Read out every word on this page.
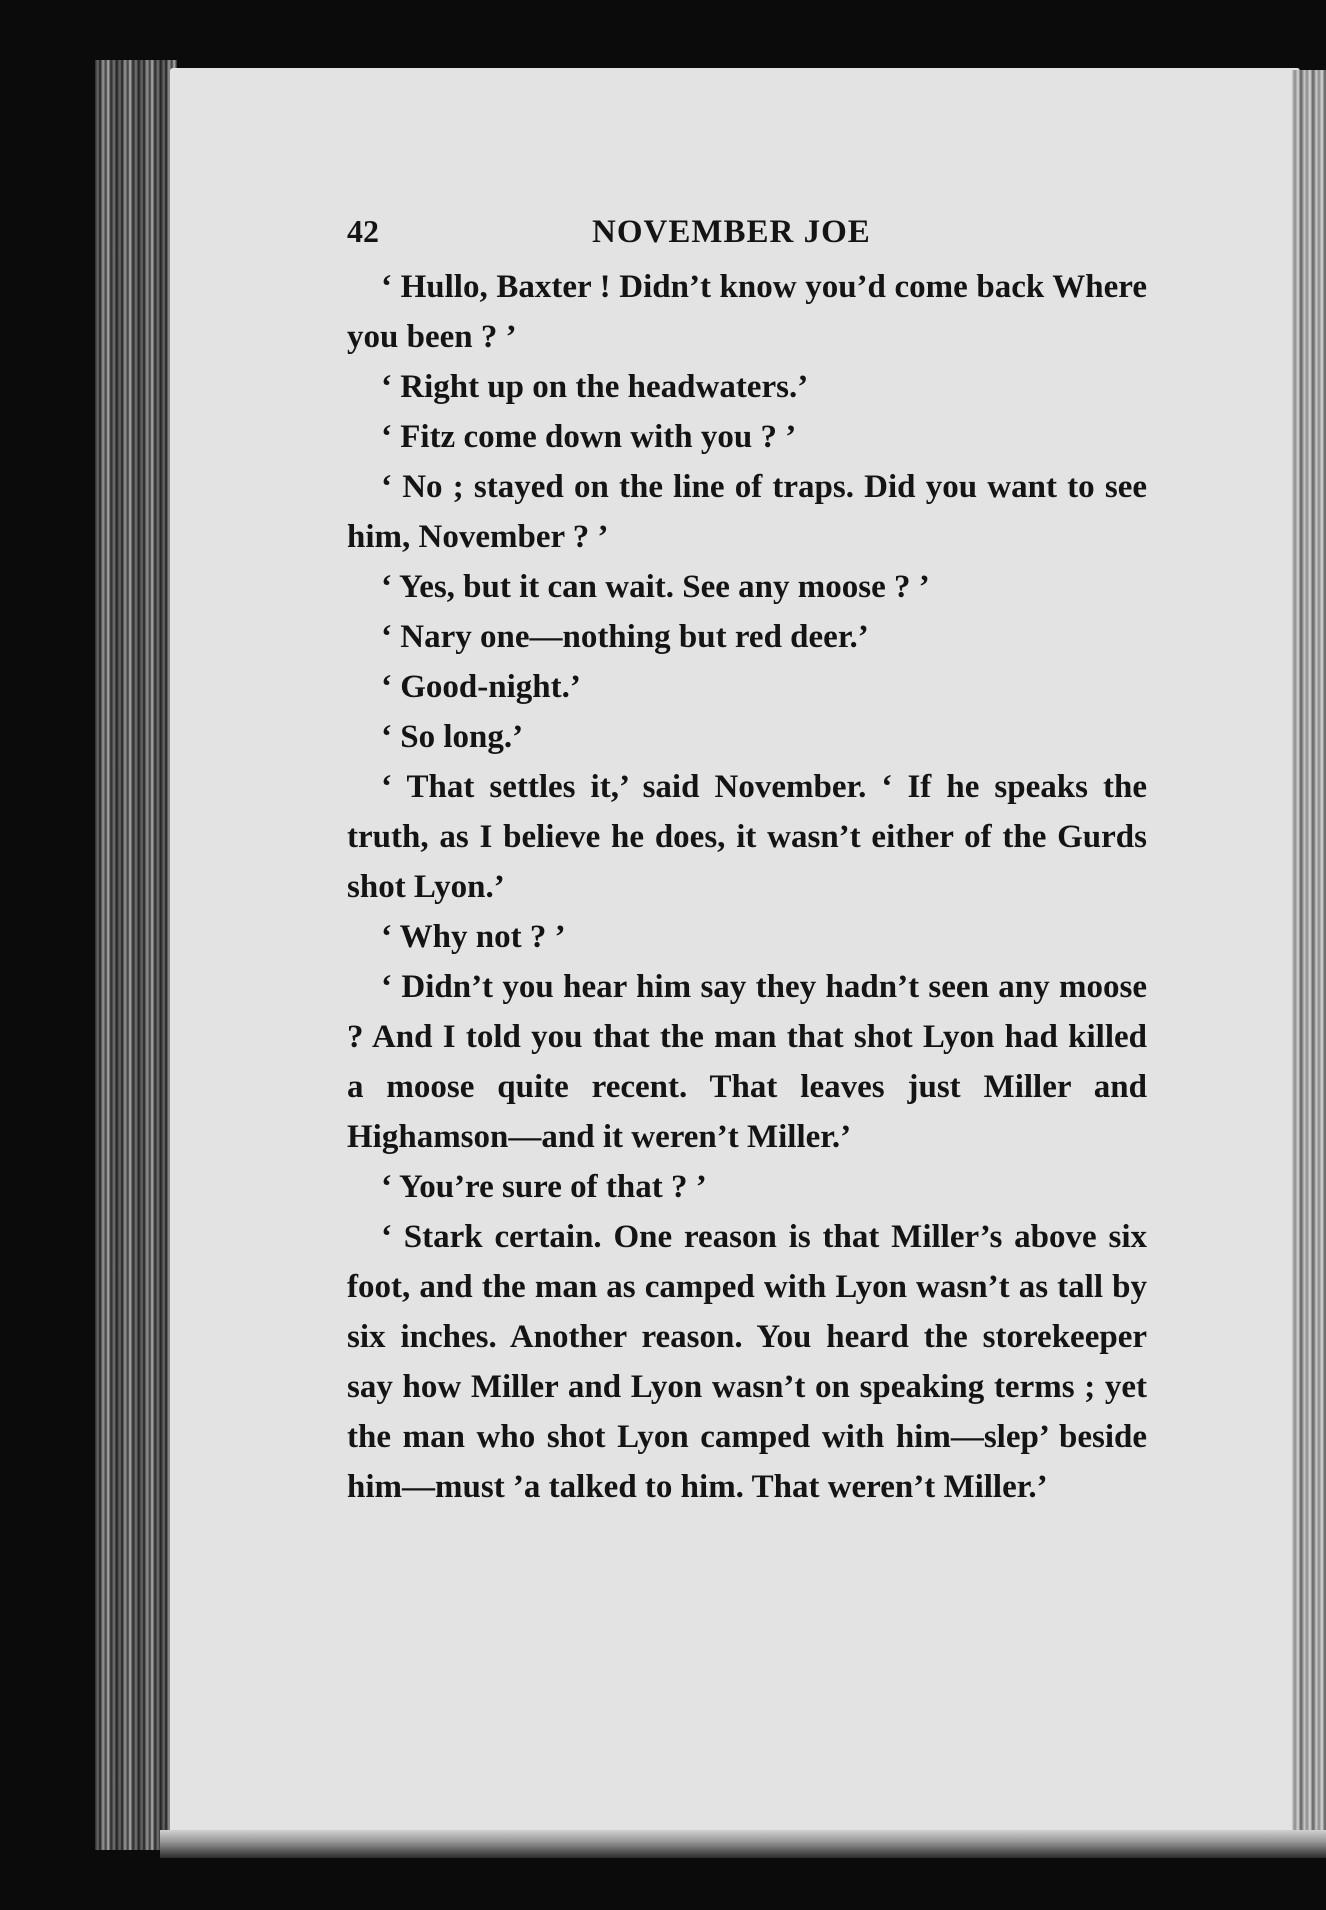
42	NOVEMBER JOE

‘ Hullo, Baxter ! Didn’t know you’d come back Where you been ? ’

‘ Right up on the headwaters.’

‘ Fitz come down with you ? ’

‘ No ; stayed on the line of traps. Did you want to see him, November ? ’

‘ Yes, but it can wait. See any moose ? ’

‘ Nary one—nothing but red deer.’

‘ Good-night.’

‘ So long.’

‘ That settles it,’ said November. ‘ If he speaks the truth, as I believe he does, it wasn’t either of the Gurds shot Lyon.’

‘ Why not ? ’

‘ Didn’t you hear him say they hadn’t seen any moose ? And I told you that the man that shot Lyon had killed a moose quite recent. That leaves just Miller and Highamson—and it weren’t Miller.’

‘ You’re sure of that ? ’

‘ Stark certain. One reason is that Miller’s above six foot, and the man as camped with Lyon wasn’t as tall by six inches. Another reason. You heard the storekeeper say how Miller and Lyon wasn’t on speaking terms ; yet the man who shot Lyon camped with him—slep’ beside him—must ’a talked to him. That weren’t Miller.’
